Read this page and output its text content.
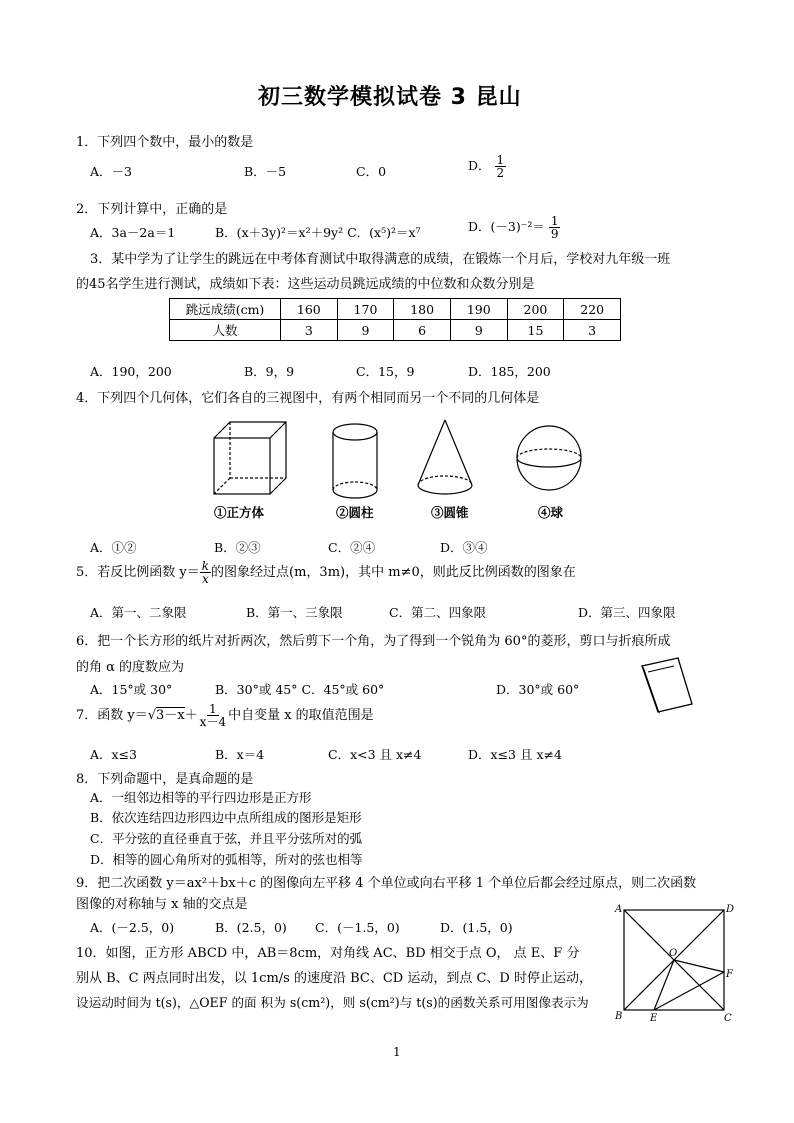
初三数学模拟试卷 3 昆山
1．下列四个数中，最小的数是
A．－3	B．－5	C．0	D． $\frac{1}{2}$
2．下列计算中，正确的是
A．3a－2a＝1	B．(x＋3y)²＝x²＋9y² C．(x⁵)²＝x⁷	D．$(-3)^{-2}= \frac{1}{9}$
3．某中学为了让学生的跳远在中考体育测试中取得满意的成绩，在锻炼一个月后，学校对九年级一班
的45名学生进行测试，成绩如下表：这些运动员跳远成绩的中位数和众数分别是
跳远成绩(cm)	160	170	180	190	200	220
人数	3	9	6	9	15	3
A．190，200	B．9，9	C．15，9	D．185，200
4．下列四个几何体，它们各自的三视图中，有两个相同而另一个不同的几何体是
①正方体	②圆柱	③圆锥	④球
A．①②	B．②③	C．②④	D．③④
5．若反比例函数 $y= \frac{k}{x}$ 的图象经过点(m，3m)，其中 m≠0，则此反比例函数的图象在
A．第一、二象限	B．第一、三象限	C．第二、四象限	D．第三、四象限
6．把一个长方形的纸片对折两次，然后剪下一个角，为了得到一个锐角为 60°的菱形，剪口与折痕所成
的角 α 的度数应为
A．15°或 30°	B．30°或 45° C．45°或 60°	D．30°或 60°
7．函数 $y=√3-x+ \frac{1}{x-4}$ 中自变量 x 的取值范围是
A．x≤3	B．x＝4	C．x<3 且 x≠4	D．x≤3 且 x≠4
8．下列命题中，是真命题的是
A．一组邻边相等的平行四边形是正方形
B．依次连结四边形四边中点所组成的图形是矩形
C．平分弦的直径垂直于弦，并且平分弦所对的弧
D．相等的圆心角所对的弧相等，所对的弦也相等
9．把二次函数 y＝ax²＋bx＋c 的图像向左平移 4 个单位或向右平移 1 个单位后都会经过原点，则二次函数
图像的对称轴与 x 轴的交点是
A．(－2.5，0)	B．(2.5，0) C．(－1.5，0)	D．(1.5，0)
10．如图，正方形 ABCD 中，AB＝8cm，对角线 AC、BD 相交于点 O， 点 E、F 分
别从 B、C 两点同时出发，以 1cm/s 的速度沿 BC、CD 运动，到点 C、D 时停止运动，
设运动时间为 t(s)，△OEF 的面 积为 s(cm²)，则 s(cm²)与 t(s)的函数关系可用图像表示为
A	D
B	C
O
E
F
1
